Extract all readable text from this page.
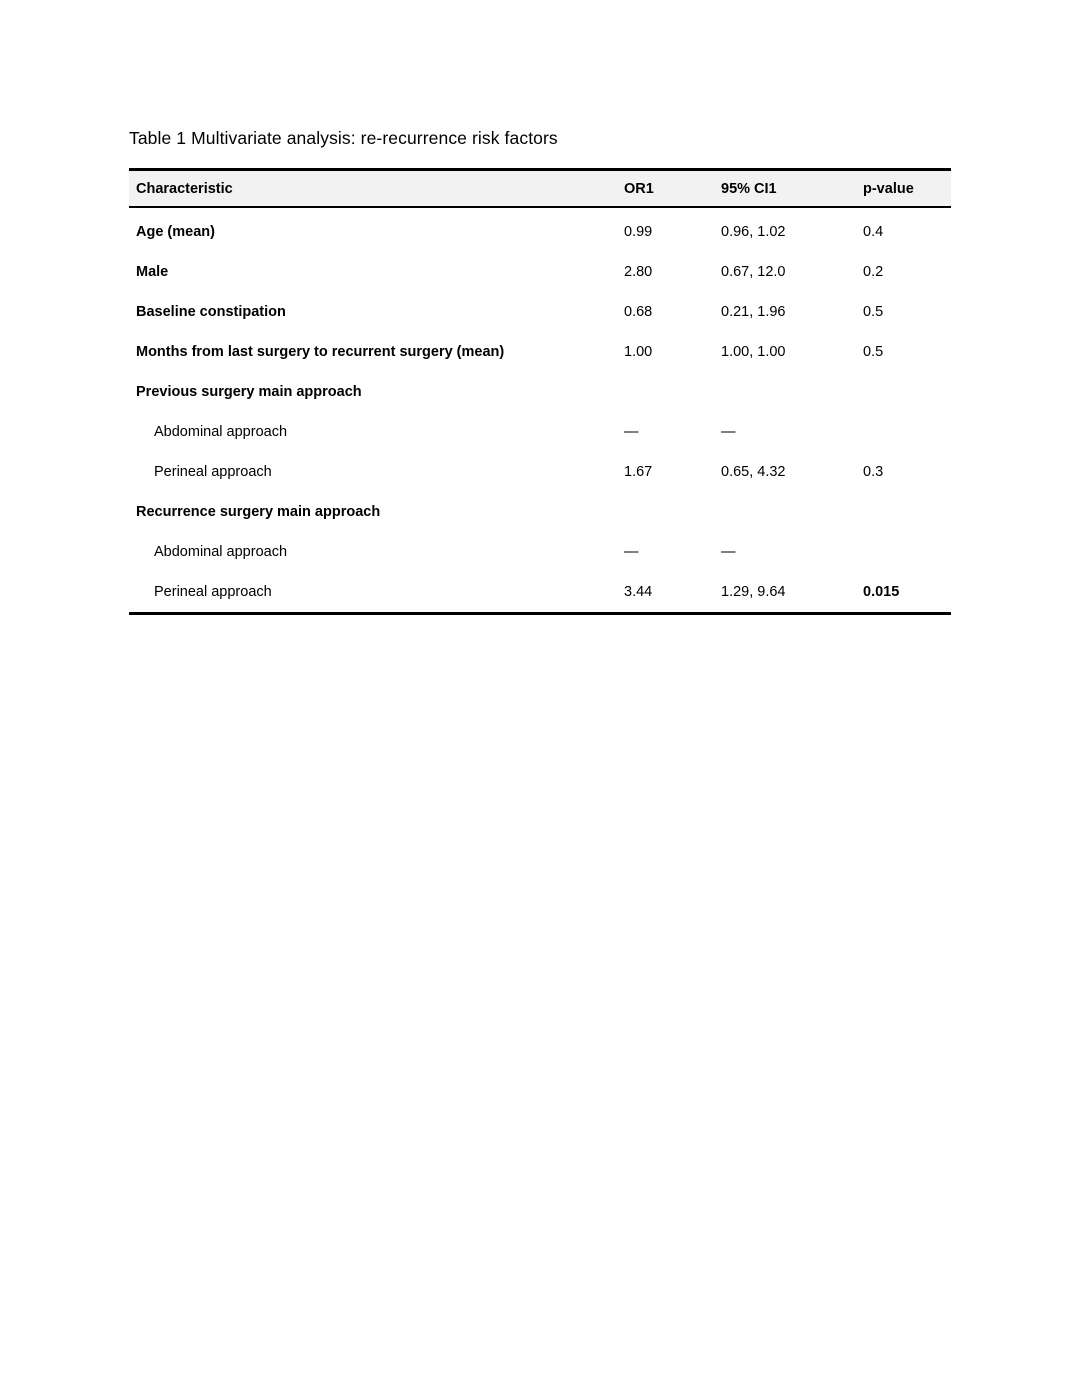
Table 1 Multivariate analysis: re-recurrence risk factors
Characteristic	OR1	95% CI1	p-value
Age (mean)	0.99	0.96, 1.02	0.4
Male	2.80	0.67, 12.0	0.2
Baseline constipation	0.68	0.21, 1.96	0.5
Months from last surgery to recurrent surgery (mean)	1.00	1.00, 1.00	0.5
Previous surgery main approach			
Abdominal approach	—	—	
Perineal approach	1.67	0.65, 4.32	0.3
Recurrence surgery main approach			
Abdominal approach	—	—	
Perineal approach	3.44	1.29, 9.64	0.015
